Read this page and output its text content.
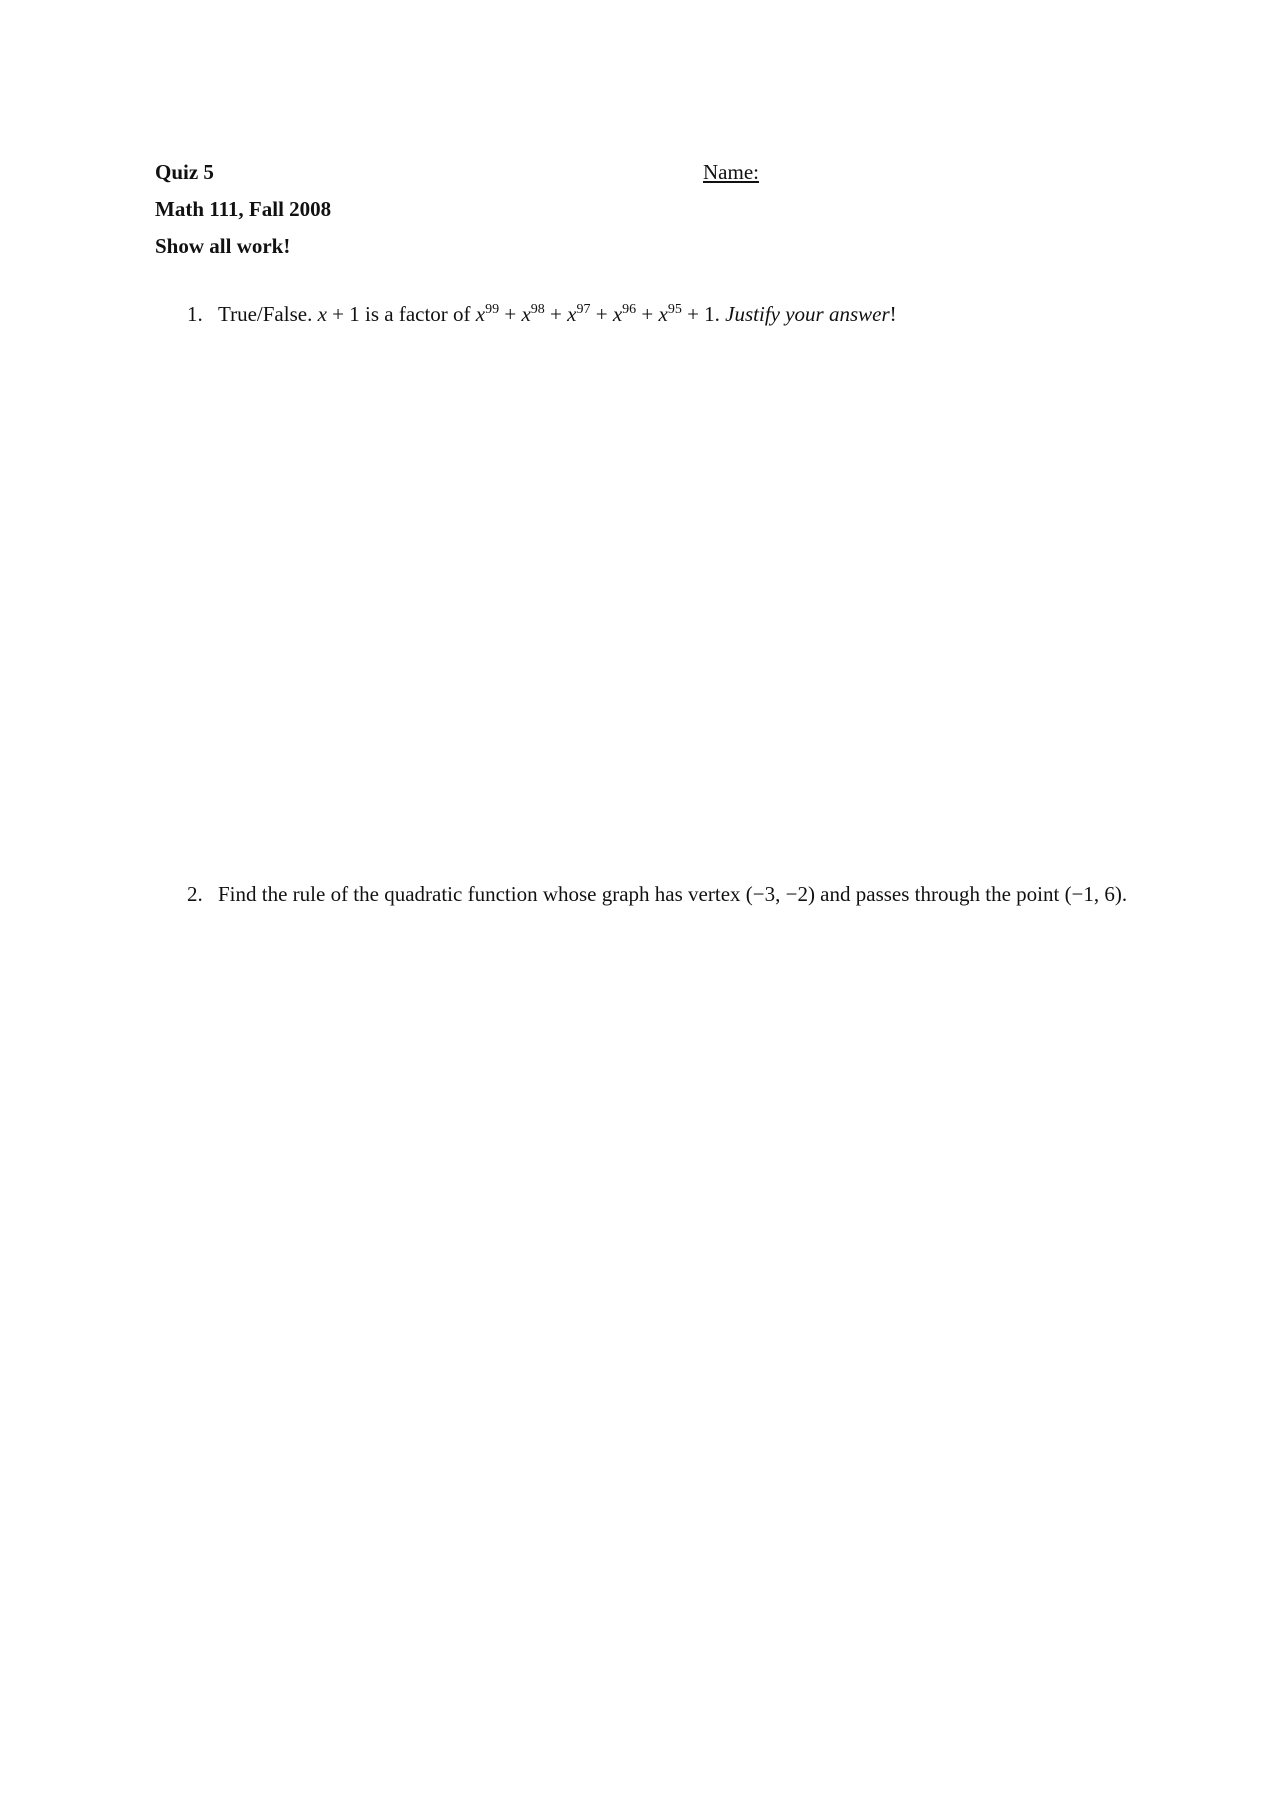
Quiz 5
Math 111, Fall 2008
Show all work!
Name:
1. True/False. x + 1 is a factor of $x^{99} + x^{98} + x^{97} + x^{96} + x^{95} + 1$. Justify your answer!
2. Find the rule of the quadratic function whose graph has vertex (−3, −2) and passes through the point (−1, 6).
